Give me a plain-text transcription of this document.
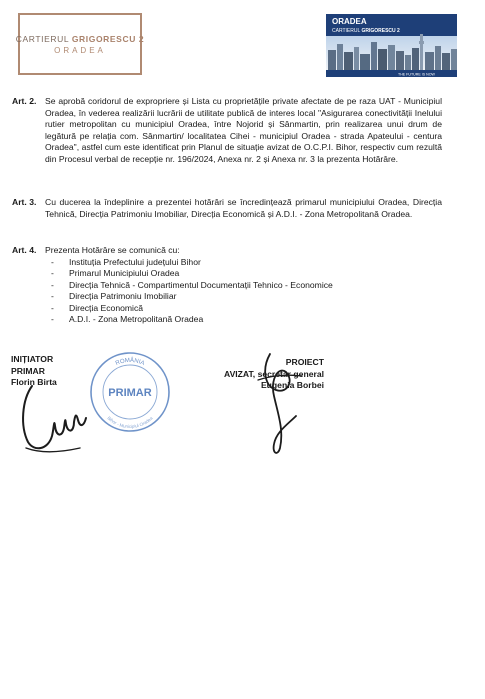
CARTIERUL GRIGORESCU 2
ORADEA
ORADEA
CARTIERUL GRIGORESCU 2
THE FUTURE IS NOW
Art. 2. Se aprobă coridorul de expropriere și Lista cu proprietățile private afectate de pe raza UAT - Municipiul Oradea, în vederea realizării lucrării de utilitate publică de interes local "Asigurarea conectivității Inelului rutier metropolitan cu municipiul Oradea, între Nojorid și Sânmartin, prin realizarea unui drum de legătură pe relația com. Sânmartin/ localitatea Cihei - municipiul Oradea - strada Apateului - centura Oradea", astfel cum este identificat prin Planul de situație avizat de O.C.P.I. Bihor, respectiv cum rezultă din Procesul verbal de recepție nr. 196/2024, Anexa nr. 2 și Anexa nr. 3 la prezenta Hotărâre.
Art. 3. Cu ducerea la îndeplinire a prezentei hotărâri se încredințează primarul municipiului Oradea, Direcția Tehnică, Direcția Patrimoniu Imobiliar, Direcția Economică și A.D.I. - Zona Metropolitană Oradea.
Art. 4. Prezenta Hotărâre se comunică cu:
- Instituția Prefectului județului Bihor
- Primarul Municipiului Oradea
- Direcția Tehnică - Compartimentul Documentații Tehnico - Economice
- Direcția Patrimoniu Imobiliar
- Direcția Economică
- A.D.I. - Zona Metropolitană Oradea
INIȚIATOR
PRIMAR
Florin Birta
ROMÂNIA
Bihor - Municipiul Oradea
PRIMAR
PROIECT
AVIZAT, secretar general
Eugenia Borbei
